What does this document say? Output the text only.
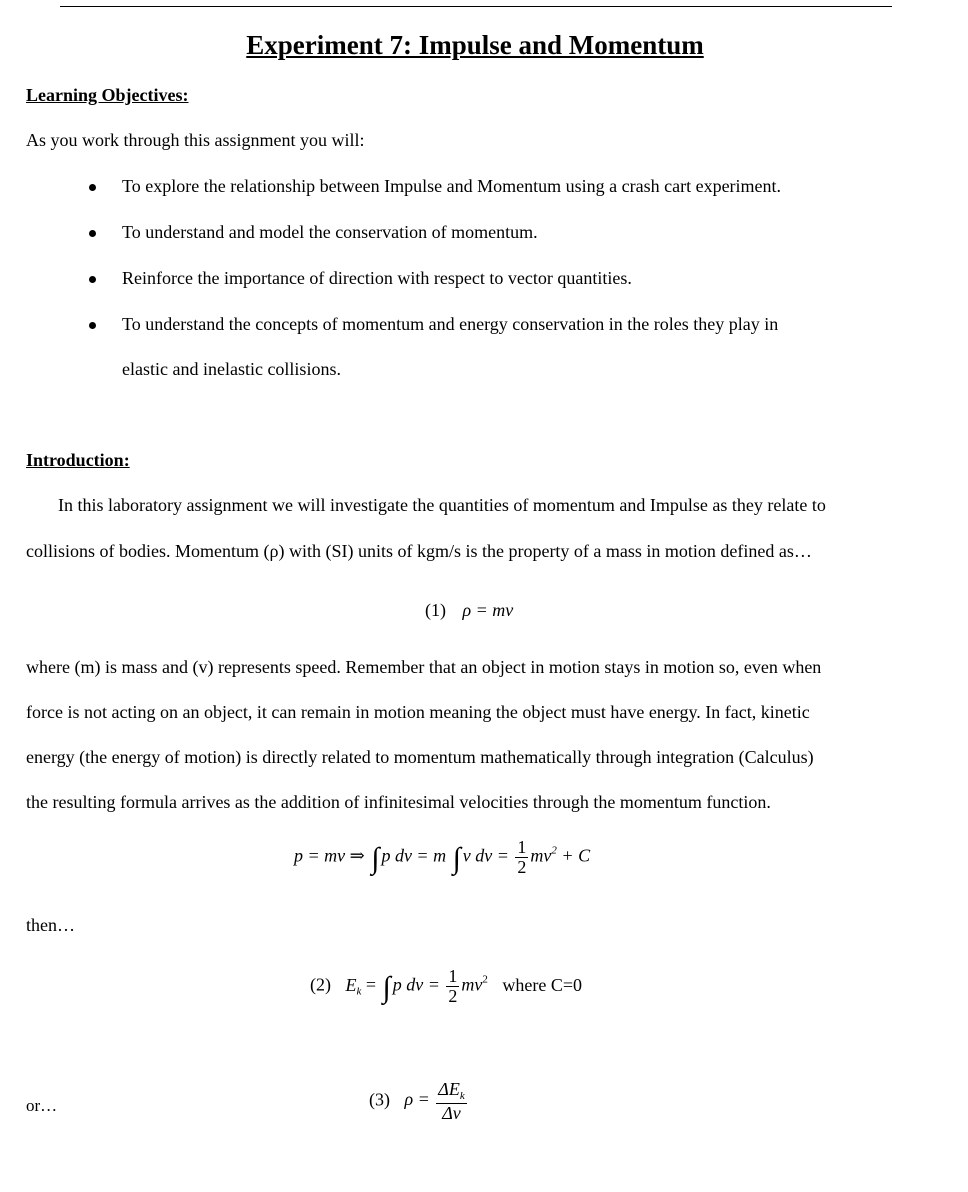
Experiment 7: Impulse and Momentum
Learning Objectives:
As you work through this assignment you will:
To explore the relationship between Impulse and Momentum using a crash cart experiment.
To understand and model the conservation of momentum.
Reinforce the importance of direction with respect to vector quantities.
To understand the concepts of momentum and energy conservation in the roles they play in
elastic and inelastic collisions.
Introduction:
In this laboratory assignment we will investigate the quantities of momentum and Impulse as they relate to
collisions of bodies. Momentum (ρ) with (SI) units of kgm/s is the property of a mass in motion defined as…
(1) ρ = mv
where (m) is mass and (v) represents speed. Remember that an object in motion stays in motion so, even when
force is not acting on an object, it can remain in motion meaning the object must have energy. In fact, kinetic
energy (the energy of motion) is directly related to momentum mathematically through integration (Calculus)
the resulting formula arrives as the addition of infinitesimal velocities through the momentum function.
p = mv ⇒ ∫ p dv = m ∫ v dv = $\frac{1}{2} mv^2 + C$
then…
(2) $E_k$ = ∫ p dv = $\frac{1}{2} mv^2$ where C=0
or…	(3) $\rho = \frac{\Delta E_k}{\Delta v}$
